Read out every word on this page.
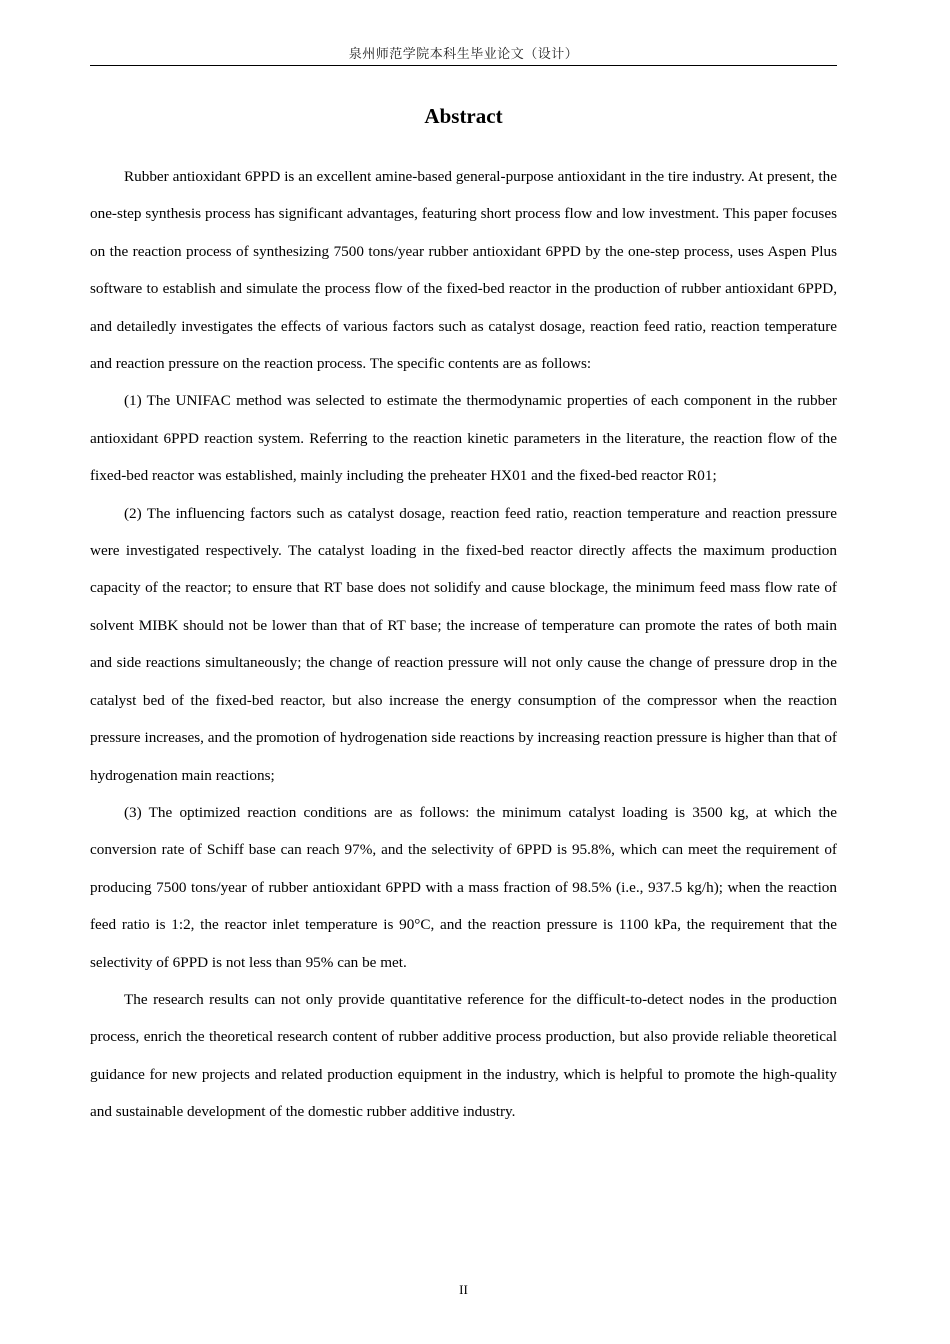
泉州师范学院本科生毕业论文（设计）
Abstract

Rubber antioxidant 6PPD is an excellent amine-based general-purpose antioxidant in the tire industry. At present, the one-step synthesis process has significant advantages, featuring short process flow and low investment. This paper focuses on the reaction process of synthesizing 7500 tons/year rubber antioxidant 6PPD by the one-step process, uses Aspen Plus software to establish and simulate the process flow of the fixed-bed reactor in the production of rubber antioxidant 6PPD, and detailedly investigates the effects of various factors such as catalyst dosage, reaction feed ratio, reaction temperature and reaction pressure on the reaction process. The specific contents are as follows:

(1) The UNIFAC method was selected to estimate the thermodynamic properties of each component in the rubber antioxidant 6PPD reaction system. Referring to the reaction kinetic parameters in the literature, the reaction flow of the fixed-bed reactor was established, mainly including the preheater HX01 and the fixed-bed reactor R01;

(2) The influencing factors such as catalyst dosage, reaction feed ratio, reaction temperature and reaction pressure were investigated respectively. The catalyst loading in the fixed-bed reactor directly affects the maximum production capacity of the reactor; to ensure that RT base does not solidify and cause blockage, the minimum feed mass flow rate of solvent MIBK should not be lower than that of RT base; the increase of temperature can promote the rates of both main and side reactions simultaneously; the change of reaction pressure will not only cause the change of pressure drop in the catalyst bed of the fixed-bed reactor, but also increase the energy consumption of the compressor when the reaction pressure increases, and the promotion of hydrogenation side reactions by increasing reaction pressure is higher than that of hydrogenation main reactions;

(3) The optimized reaction conditions are as follows: the minimum catalyst loading is 3500 kg, at which the conversion rate of Schiff base can reach 97%, and the selectivity of 6PPD is 95.8%, which can meet the requirement of producing 7500 tons/year of rubber antioxidant 6PPD with a mass fraction of 98.5% (i.e., 937.5 kg/h); when the reaction feed ratio is 1:2, the reactor inlet temperature is 90°C, and the reaction pressure is 1100 kPa, the requirement that the selectivity of 6PPD is not less than 95% can be met.

The research results can not only provide quantitative reference for the difficult-to-detect nodes in the production process, enrich the theoretical research content of rubber additive process production, but also provide reliable theoretical guidance for new projects and related production equipment in the industry, which is helpful to promote the high-quality and sustainable development of the domestic rubber additive industry.

II
